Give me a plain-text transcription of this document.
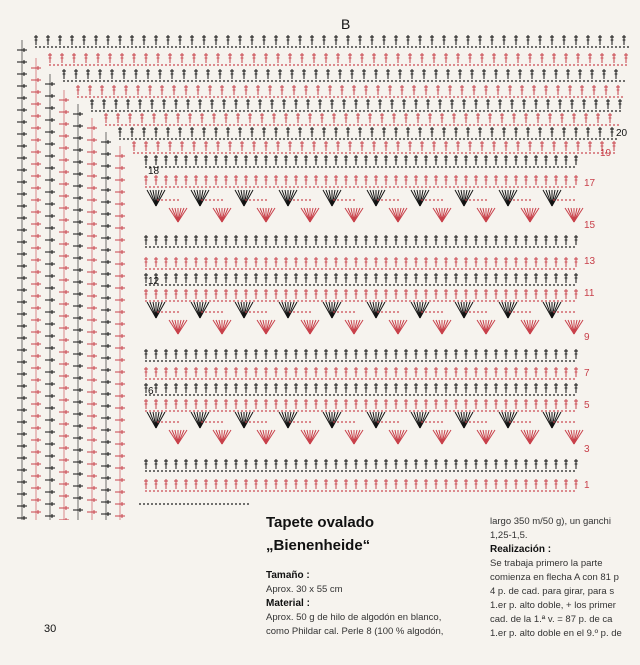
B
20
19
17
15
13
11
9
7
5
3
1
18
12
6
Tapete ovalado
„Bienenheide“
Tamaño :
Aprox. 30 x 55 cm
Material :
Aprox. 50 g de hilo de algodón en blanco,
como Phildar cal. Perle 8 (100 % algodón,
largo 350 m/50 g), un ganchi
1,25-1,5.
Realización :
Se trabaja primero la parte
comienza en flecha A con 81 p
4 p. de cad. para girar, para s
1.er p. alto doble, + los primer
cad. de la 1.ª v. = 87 p. de ca
1.er p. alto doble en el 9.º p. de
30
